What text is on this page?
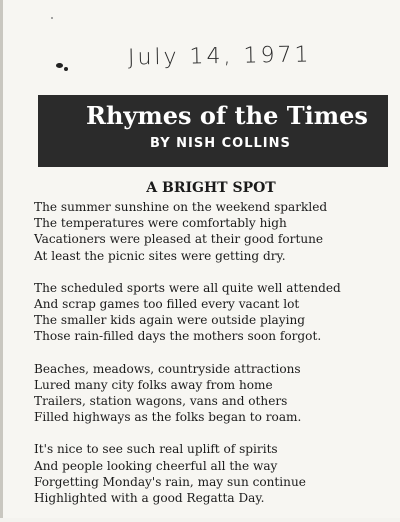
July 14, 1971
Rhymes of the Times
BY NISH COLLINS
A BRIGHT SPOT
The summer sunshine on the weekend sparkled
The temperatures were comfortably high
Vacationers were pleased at their good fortune
At least the picnic sites were getting dry.
The scheduled sports were all quite well attended
And scrap games too filled every vacant lot
The smaller kids again were outside playing
Those rain-filled days the mothers soon forgot.
Beaches, meadows, countryside attractions
Lured many city folks away from home
Trailers, station wagons, vans and others
Filled highways as the folks began to roam.
It's nice to see such real uplift of spirits
And people looking cheerful all the way
Forgetting Monday's rain, may sun continue
Highlighted with a good Regatta Day.
